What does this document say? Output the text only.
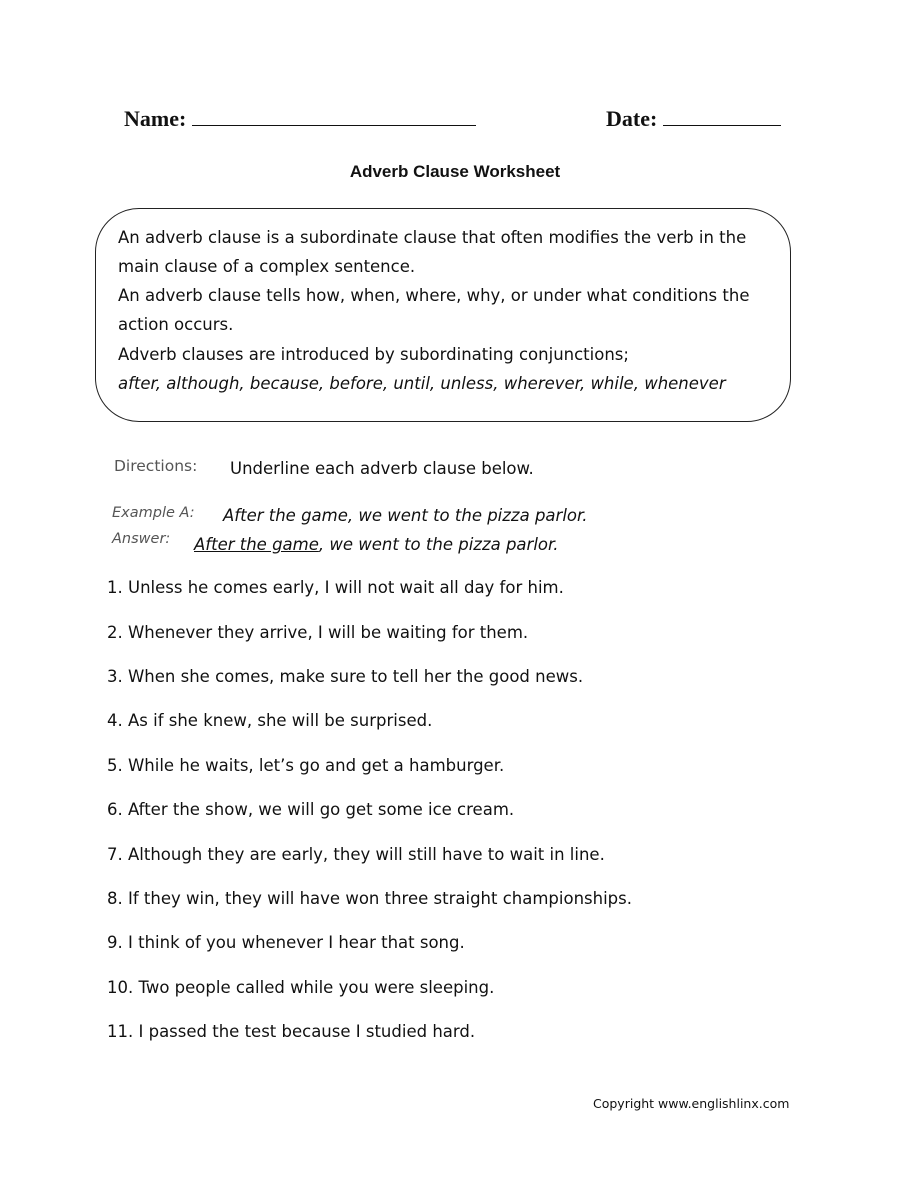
Name:	Date:
Adverb Clause Worksheet
An adverb clause is a subordinate clause that often modifies the verb in the
main clause of a complex sentence.
An adverb clause tells how, when, where, why, or under what conditions the
action occurs.
Adverb clauses are introduced by subordinating conjunctions;
after, although, because, before, until, unless, wherever, while, whenever
Directions: Underline each adverb clause below.
Example A: After the game, we went to the pizza parlor.
Answer: After the game, we went to the pizza parlor.
1. Unless he comes early, I will not wait all day for him.
2. Whenever they arrive, I will be waiting for them.
3. When she comes, make sure to tell her the good news.
4. As if she knew, she will be surprised.
5. While he waits, let’s go and get a hamburger.
6. After the show, we will go get some ice cream.
7. Although they are early, they will still have to wait in line.
8. If they win, they will have won three straight championships.
9. I think of you whenever I hear that song.
10. Two people called while you were sleeping.
11. I passed the test because I studied hard.
Copyright www.englishlinx.com
